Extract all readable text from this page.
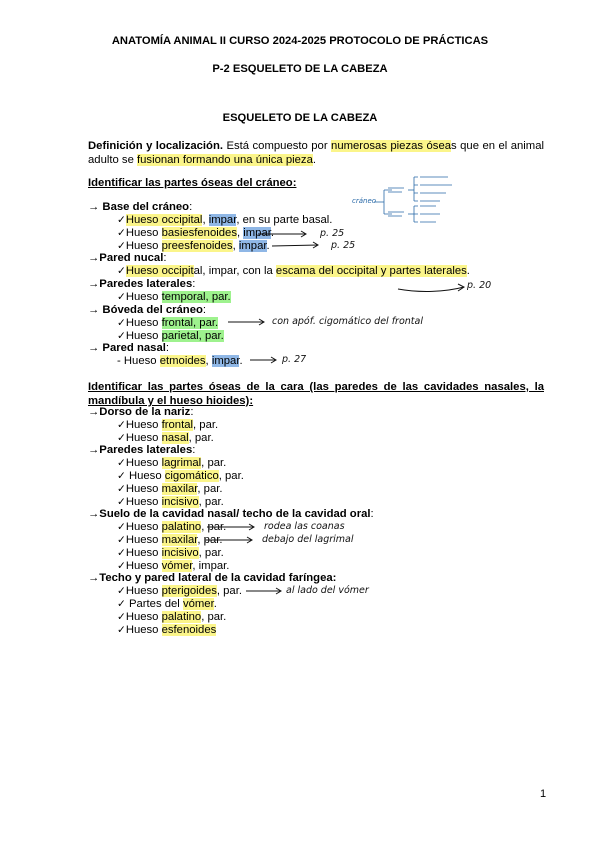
ANATOMÍA ANIMAL II CURSO 2024-2025 PROTOCOLO DE PRÁCTICAS
P-2 ESQUELETO DE LA CABEZA
ESQUELETO DE LA CABEZA
Definición y localización. Está compuesto por numerosas piezas óseas que en el animal adulto se fusionan formando una única pieza.
Identificar las partes óseas del cráneo:
→ Base del cráneo:
✓Hueso occipital, impar, en su parte basal.
✓Hueso basiesfenoides, impar.
✓Hueso preesfenoides, impar.
→Pared nucal:
✓Hueso occipital, impar, con la escama del occipital y partes laterales.
→Paredes laterales:
✓Hueso temporal, par.
→ Bóveda del cráneo:
✓Hueso frontal, par.
✓Hueso parietal, par.
→ Pared nasal:
- Hueso etmoides, impar.
Identificar las partes óseas de la cara (las paredes de las cavidades nasales, la mandíbula y el hueso hioides):
→Dorso de la nariz:
✓Hueso frontal, par.
✓Hueso nasal, par.
→Paredes laterales:
✓Hueso lagrimal, par.
✓ Hueso cigomático, par.
✓Hueso maxilar, par.
✓Hueso incisivo, par.
→Suelo de la cavidad nasal/ techo de la cavidad oral:
✓Hueso palatino, par.
✓Hueso maxilar, par.
✓Hueso incisivo, par.
✓Hueso vómer, impar.
→Techo y pared lateral de la cavidad faríngea:
✓Hueso pterigoides, par.
✓ Partes del vómer.
✓Hueso palatino, par.
✓Hueso esfenoides
p. 25
p. 25
p. 20
con apóf. cigomático del frontal
p. 27
rodea las coanas
debajo del lagrimal
al lado del vómer
cráneo
1
